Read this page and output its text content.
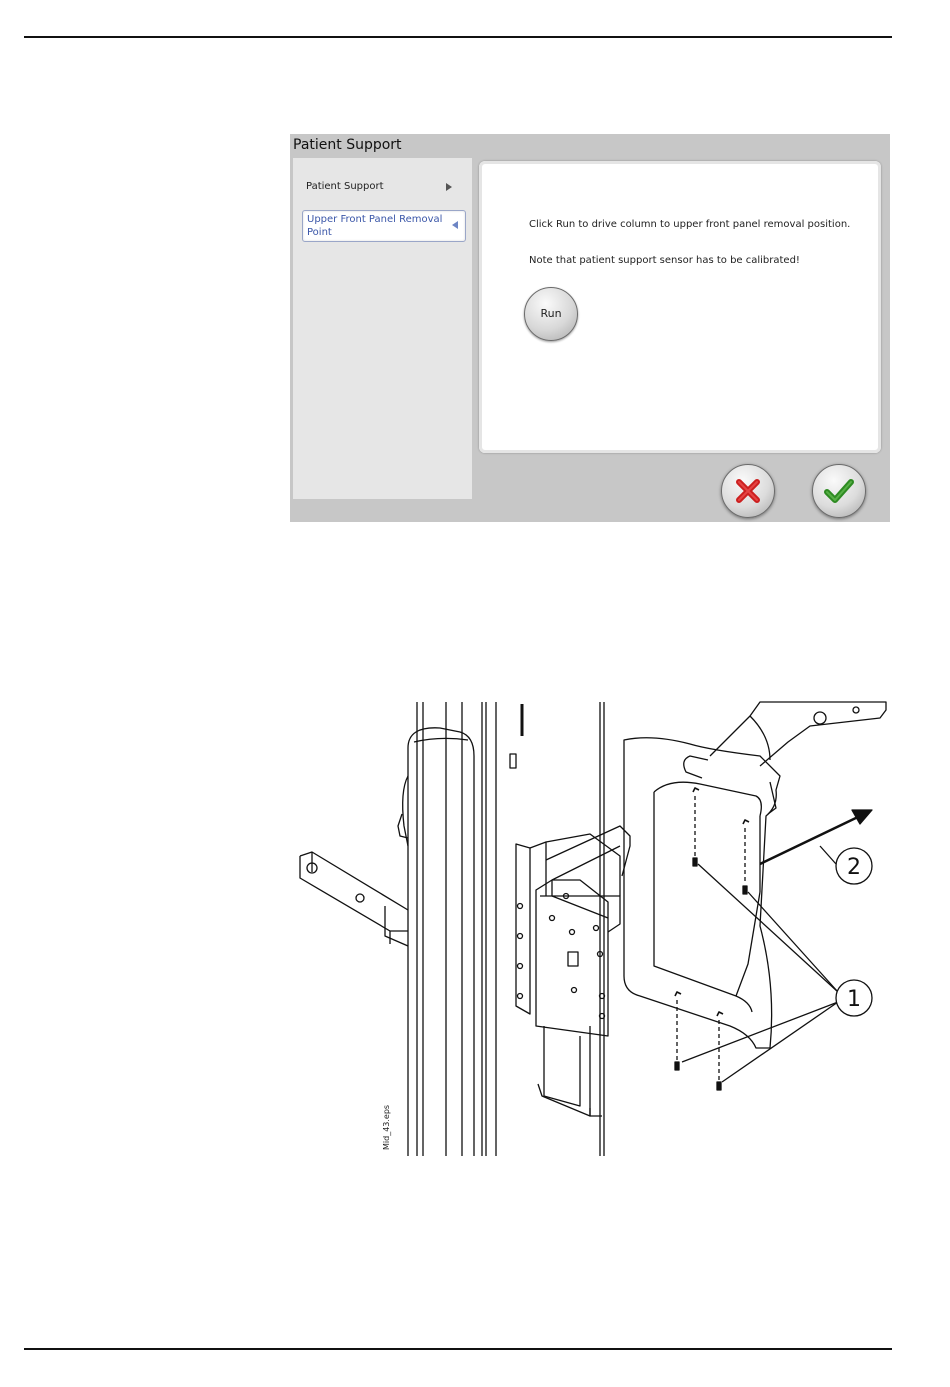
Patient Support
Patient Support
Upper Front Panel Removal Point
Click Run to drive column to upper front panel removal position.
Note that patient support sensor has to be calibrated!
Run
2
1
Mid_43.eps
